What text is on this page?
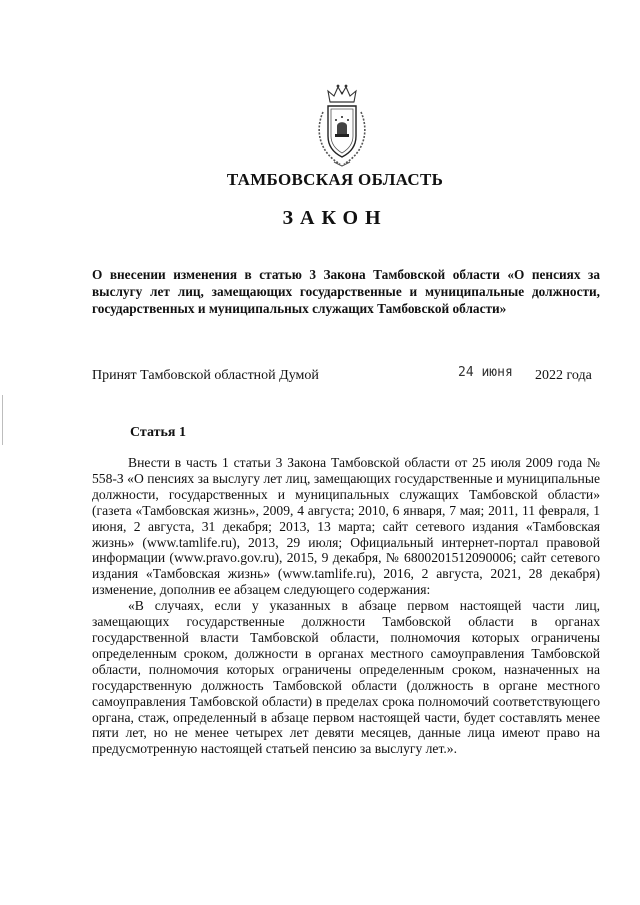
ТАМБОВСКАЯ ОБЛАСТЬ
ЗАКОН
О внесении изменения в статью 3 Закона Тамбовской области «О пенсиях за выслугу лет лиц, замещающих государственные и муниципальные должности, государственных и муниципальных служащих Тамбовской области»
Принят Тамбовской областной Думой	24 июня 2022 года
Статья 1

Внести в часть 1 статьи 3 Закона Тамбовской области от 25 июля 2009 года № 558-З «О пенсиях за выслугу лет лиц, замещающих государственные и муниципальные должности, государственных и муниципальных служащих Тамбовской области» (газета «Тамбовская жизнь», 2009, 4 августа; 2010, 6 января, 7 мая; 2011, 11 февраля, 1 июня, 2 августа, 31 декабря; 2013, 13 марта; сайт сетевого издания «Тамбовская жизнь» (www.tamlife.ru), 2013, 29 июля; Официальный интернет-портал правовой информации (www.pravo.gov.ru), 2015, 9 декабря, № 6800201512090006; сайт сетевого издания «Тамбовская жизнь» (www.tamlife.ru), 2016, 2 августа, 2021, 28 декабря) изменение, дополнив ее абзацем следующего содержания:

«В случаях, если у указанных в абзаце первом настоящей части лиц, замещающих государственные должности Тамбовской области в органах государственной власти Тамбовской области, полномочия которых ограничены определенным сроком, должности в органах местного самоуправления Тамбовской области, полномочия которых ограничены определенным сроком, назначенных на государственную должность Тамбовской области (должность в органе местного самоуправления Тамбовской области) в пределах срока полномочий соответствующего органа, стаж, определенный в абзаце первом настоящей части, будет составлять менее пяти лет, но не менее четырех лет девяти месяцев, данные лица имеют право на предусмотренную настоящей статьей пенсию за выслугу лет.».
